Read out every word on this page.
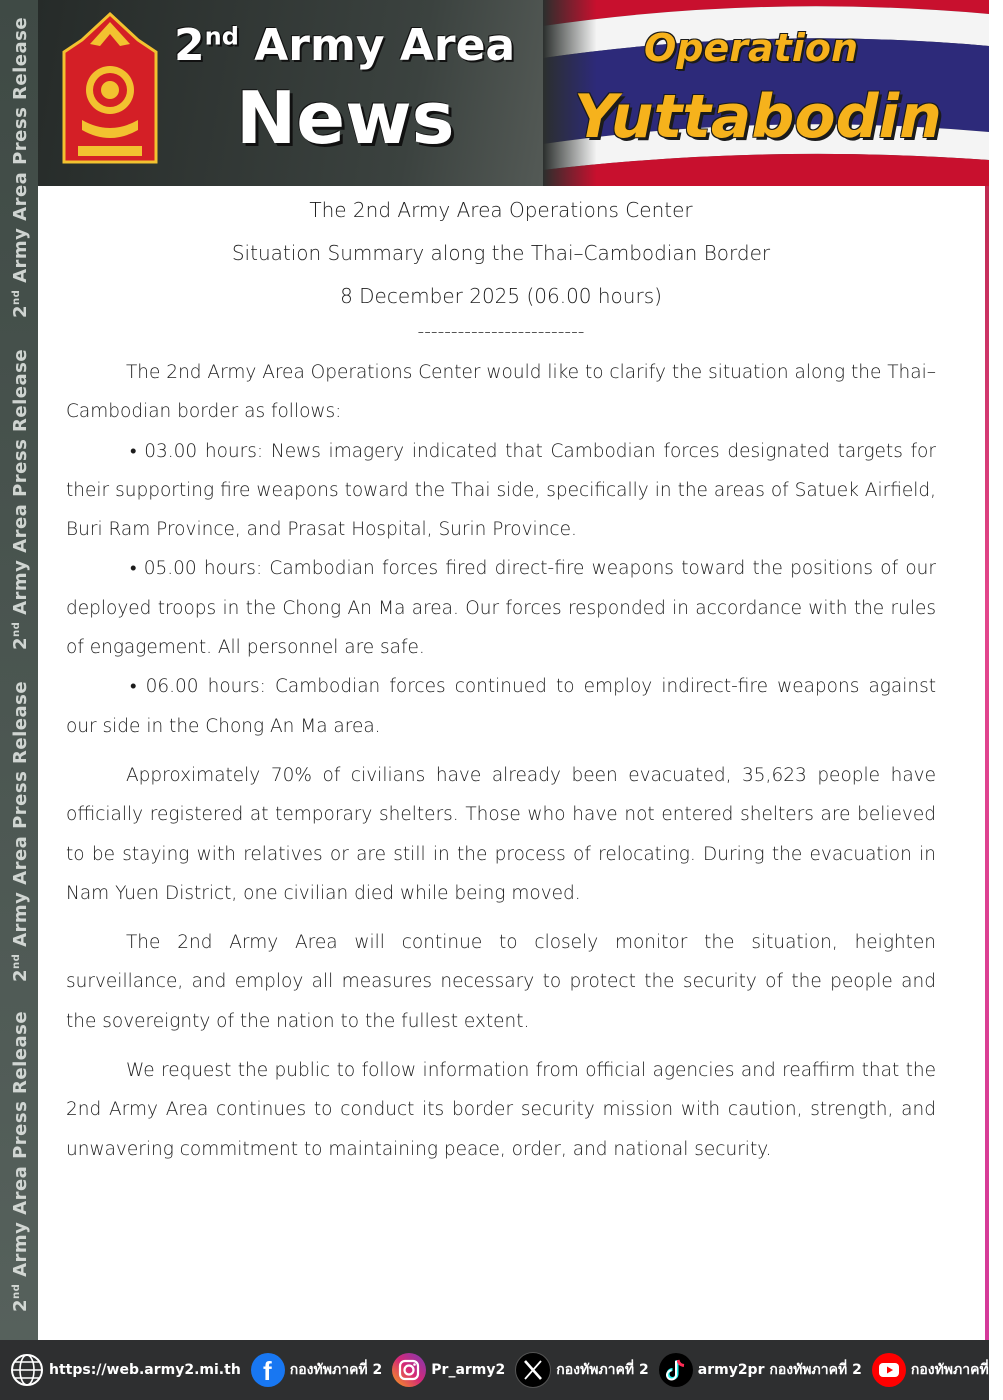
2nd Army Area Press Release
2nd Army Area Press Release
2nd Army Area Press Release
2nd Army Area Press Release
2nd Army Area
News
Operation
Yuttabodin

The 2nd Army Area Operations Center

Situation Summary along the Thai–Cambodian Border

8 December 2025 (06.00 hours)

-------------------------

The 2nd Army Area Operations Center would like to clarify the situation along the Thai–Cambodian border as follows:

• 03.00 hours: News imagery indicated that Cambodian forces designated targets for their supporting fire weapons toward the Thai side, specifically in the areas of Satuek Airfield, Buri Ram Province, and Prasat Hospital, Surin Province.

• 05.00 hours: Cambodian forces fired direct-fire weapons toward the positions of our deployed troops in the Chong An Ma area. Our forces responded in accordance with the rules of engagement. All personnel are safe.

• 06.00 hours: Cambodian forces continued to employ indirect-fire weapons against our side in the Chong An Ma area.

Approximately 70% of civilians have already been evacuated, 35,623 people have officially registered at temporary shelters. Those who have not entered shelters are believed to be staying with relatives or are still in the process of relocating. During the evacuation in Nam Yuen District, one civilian died while being moved.

The 2nd Army Area will continue to closely monitor the situation, heighten surveillance, and employ all measures necessary to protect the security of the people and the sovereignty of the nation to the fullest extent.

We request the public to follow information from official agencies and reaffirm that the 2nd Army Area continues to conduct its border security mission with caution, strength, and unwavering commitment to maintaining peace, order, and national security.

https://web.army2.mi.th f กองทัพภาคที่ 2	Pr_army2	กองทัพภาคที่ 2	army2pr กองทัพภาคที่ 2	กองทัพภาคที่ 2
